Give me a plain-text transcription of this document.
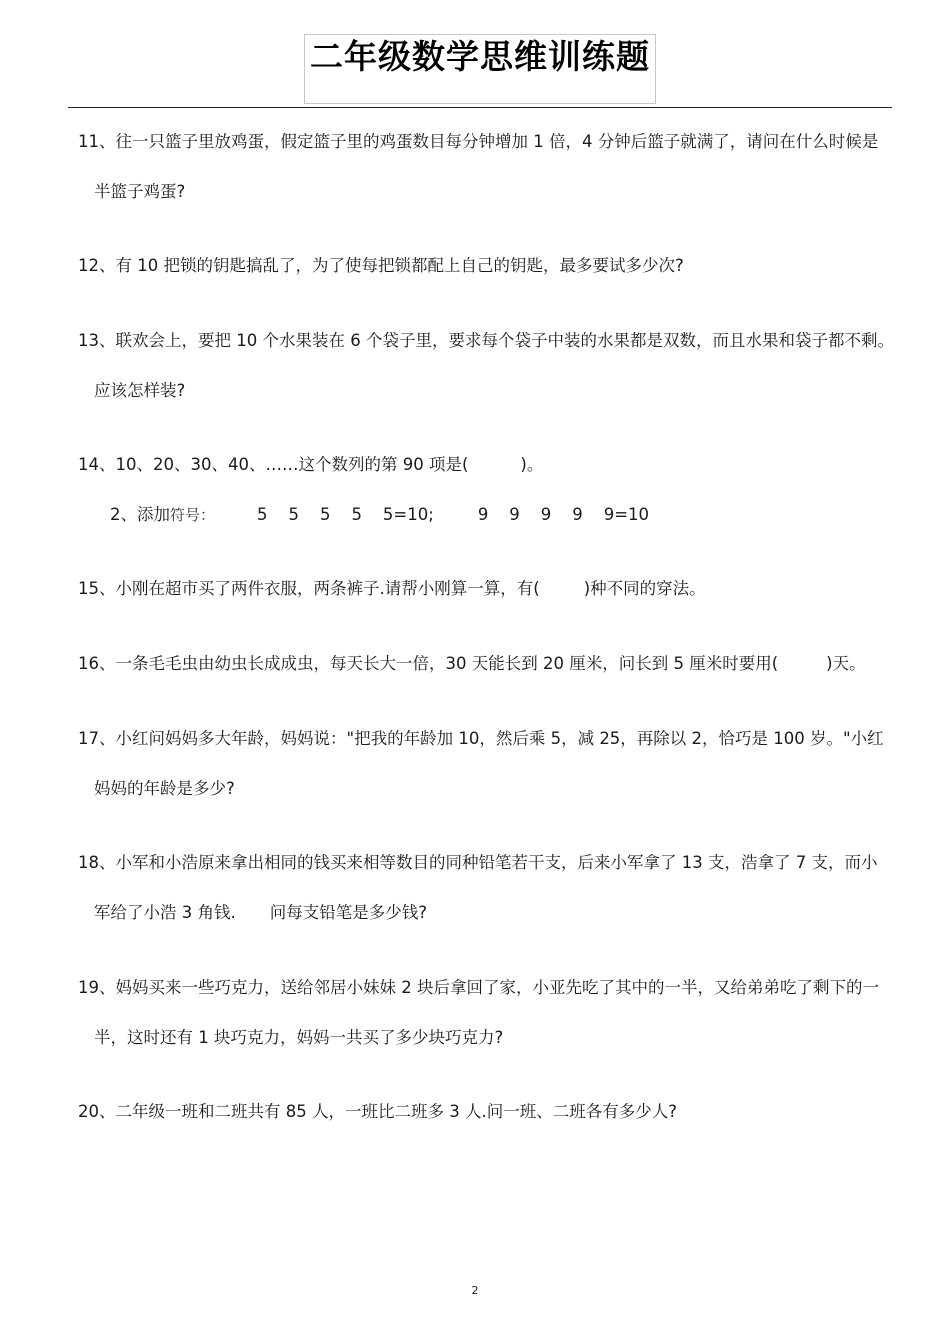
二年级数学思维训练题
11、往一只篮子里放鸡蛋，假定篮子里的鸡蛋数目每分钟增加 1 倍，4 分钟后篮子就满了，请问在什么时候是
半篮子鸡蛋?
12、有 10 把锁的钥匙搞乱了，为了使每把锁都配上自己的钥匙，最多要试多少次?
13、联欢会上，要把 10 个水果装在 6 个袋子里，要求每个袋子中装的水果都是双数，而且水果和袋子都不剩。
应该怎样装?
14、10、20、30、40、……这个数列的第 90 项是(	)。
2、添加符号：	5    5    5    5    5=10;	9    9    9    9    9=10
15、小刚在超市买了两件衣服，两条裤子.请帮小刚算一算，有(	)种不同的穿法。
16、一条毛毛虫由幼虫长成成虫，每天长大一倍，30 天能长到 20 厘米，问长到 5 厘米时要用(	)天。
17、小红问妈妈多大年龄，妈妈说："把我的年龄加 10，然后乘 5，减 25，再除以 2，恰巧是 100 岁。"小红
妈妈的年龄是多少?
18、小军和小浩原来拿出相同的钱买来相等数目的同种铅笔若干支，后来小军拿了 13 支，浩拿了 7 支，而小
军给了小浩 3 角钱. 问每支铅笔是多少钱?
19、妈妈买来一些巧克力，送给邻居小妹妹 2 块后拿回了家，小亚先吃了其中的一半，又给弟弟吃了剩下的一
半，这时还有 1 块巧克力，妈妈一共买了多少块巧克力?
20、二年级一班和二班共有 85 人，一班比二班多 3 人.问一班、二班各有多少人?
2
